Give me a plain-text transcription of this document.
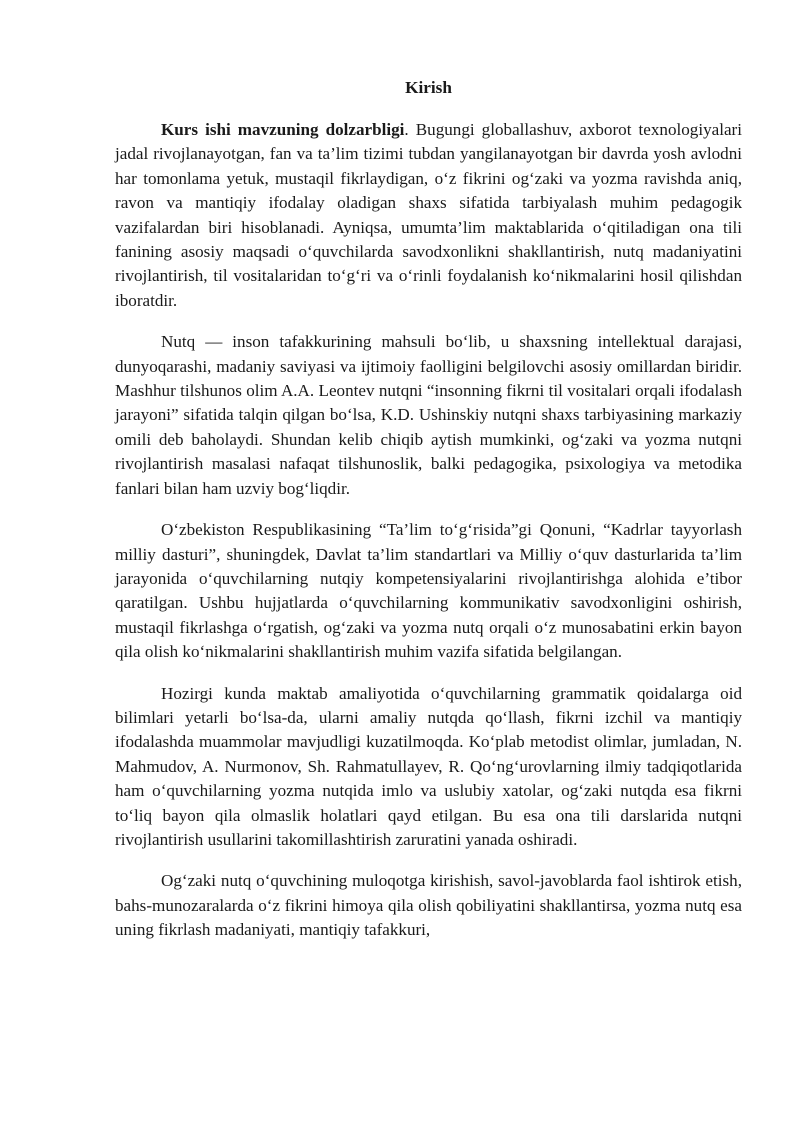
Kirish

Kurs ishi mavzuning dolzarbligi. Bugungi globallashuv, axborot texnologiyalari jadal rivojlanayotgan, fan va ta’lim tizimi tubdan yangilanayotgan bir davrda yosh avlodni har tomonlama yetuk, mustaqil fikrlaydigan, o‘z fikrini og‘zaki va yozma ravishda aniq, ravon va mantiqiy ifodalay oladigan shaxs sifatida tarbiyalash muhim pedagogik vazifalardan biri hisoblanadi. Ayniqsa, umumta’lim maktablarida o‘qitiladigan ona tili fanining asosiy maqsadi o‘quvchilarda savodxonlikni shakllantirish, nutq madaniyatini rivojlantirish, til vositalaridan to‘g‘ri va o‘rinli foydalanish ko‘nikmalarini hosil qilishdan iboratdir.

Nutq — inson tafakkurining mahsuli bo‘lib, u shaxsning intellektual darajasi, dunyoqarashi, madaniy saviyasi va ijtimoiy faolligini belgilovchi asosiy omillardan biridir. Mashhur tilshunos olim A.A. Leontev nutqni “insonning fikrni til vositalari orqali ifodalash jarayoni” sifatida talqin qilgan bo‘lsa, K.D. Ushinskiy nutqni shaxs tarbiyasining markaziy omili deb baholaydi. Shundan kelib chiqib aytish mumkinki, og‘zaki va yozma nutqni rivojlantirish masalasi nafaqat tilshunoslik, balki pedagogika, psixologiya va metodika fanlari bilan ham uzviy bog‘liqdir.

O‘zbekiston Respublikasining “Ta’lim to‘g‘risida”gi Qonuni, “Kadrlar tayyorlash milliy dasturi”, shuningdek, Davlat ta’lim standartlari va Milliy o‘quv dasturlarida ta’lim jarayonida o‘quvchilarning nutqiy kompetensiyalarini rivojlantirishga alohida e’tibor qaratilgan. Ushbu hujjatlarda o‘quvchilarning kommunikativ savodxonligini oshirish, mustaqil fikrlashga o‘rgatish, og‘zaki va yozma nutq orqali o‘z munosabatini erkin bayon qila olish ko‘nikmalarini shakllantirish muhim vazifa sifatida belgilangan.

Hozirgi kunda maktab amaliyotida o‘quvchilarning grammatik qoidalarga oid bilimlari yetarli bo‘lsa-da, ularni amaliy nutqda qo‘llash, fikrni izchil va mantiqiy ifodalashda muammolar mavjudligi kuzatilmoqda. Ko‘plab metodist olimlar, jumladan, N. Mahmudov, A. Nurmonov, Sh. Rahmatullayev, R. Qo‘ng‘urovlarning ilmiy tadqiqotlarida ham o‘quvchilarning yozma nutqida imlo va uslubiy xatolar, og‘zaki nutqda esa fikrni to‘liq bayon qila olmaslik holatlari qayd etilgan. Bu esa ona tili darslarida nutqni rivojlantirish usullarini takomillashtirish zaruratini yanada oshiradi.

Og‘zaki nutq o‘quvchining muloqotga kirishish, savol-javoblarda faol ishtirok etish, bahs-munozaralarda o‘z fikrini himoya qila olish qobiliyatini shakllantirsa, yozma nutq esa uning fikrlash madaniyati, mantiqiy tafakkuri,
